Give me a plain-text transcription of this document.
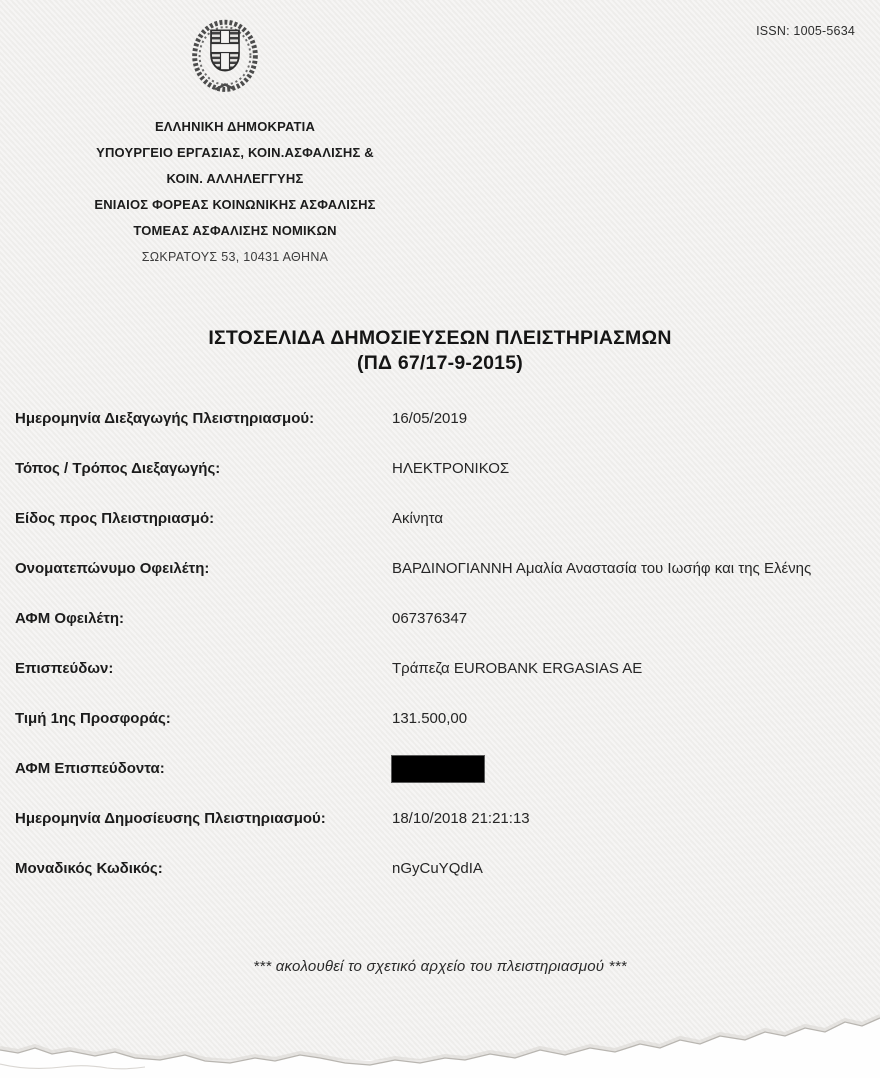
ISSN: 1005-5634
ΕΛΛΗΝΙΚΗ ΔΗΜΟΚΡΑΤΙΑ
ΥΠΟΥΡΓΕΙΟ ΕΡΓΑΣΙΑΣ, ΚΟΙΝ.ΑΣΦΑΛΙΣΗΣ &
ΚΟΙΝ. ΑΛΛΗΛΕΓΓΥΗΣ
ΕΝΙΑΙΟΣ ΦΟΡΕΑΣ ΚΟΙΝΩΝΙΚΗΣ ΑΣΦΑΛΙΣΗΣ
ΤΟΜΕΑΣ ΑΣΦΑΛΙΣΗΣ ΝΟΜΙΚΩΝ
ΣΩΚΡΑΤΟΥΣ 53, 10431 ΑΘΗΝΑ
ΙΣΤΟΣΕΛΙΔΑ ΔΗΜΟΣΙΕΥΣΕΩΝ ΠΛΕΙΣΤΗΡΙΑΣΜΩΝ
(ΠΔ 67/17-9-2015)
Ημερομηνία Διεξαγωγής Πλειστηριασμού:	16/05/2019
Τόπος / Τρόπος Διεξαγωγής:	ΗΛΕΚΤΡΟΝΙΚΟΣ
Είδος προς Πλειστηριασμό:	Ακίνητα
Ονοματεπώνυμο Οφειλέτη:	ΒΑΡΔΙΝΟΓΙΑΝΝΗ Αμαλία Αναστασία του Ιωσήφ και της Ελένης
ΑΦΜ Οφειλέτη:	067376347
Επισπεύδων:	Τράπεζα EUROBANK ERGASIAS AE
Τιμή 1ης Προσφοράς:	131.500,00
ΑΦΜ Επισπεύδοντα:
Ημερομηνία Δημοσίευσης Πλειστηριασμού:	18/10/2018 21:21:13
Μοναδικός Κωδικός:	nGyCuYQdIA
*** ακολουθεί το σχετικό αρχείο του πλειστηριασμού ***
